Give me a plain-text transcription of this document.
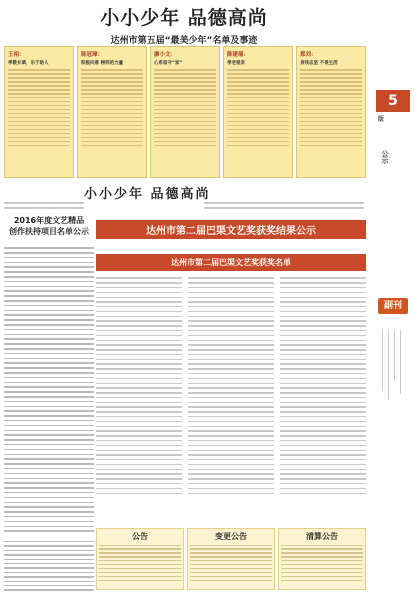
小小少年 品德高尚
达州市第五届“最美少年”名单及事迹
王相：
孝敬长辈，乐于助人
陈冠璋：
积极向善 榜样的力量
廖小文：
心系留守“家”
陈建瑶：
孝老爱亲
郑刘：
身残志坚 不畏生活
小小少年 品德高尚
2016年度文艺精品
创作扶持项目名单公示	达州市第二届巴渠文艺奖获奖结果公示
达州市第二届巴渠文艺奖获奖名单
公告	变更公告	清算公告
5
版
公示
副刊
